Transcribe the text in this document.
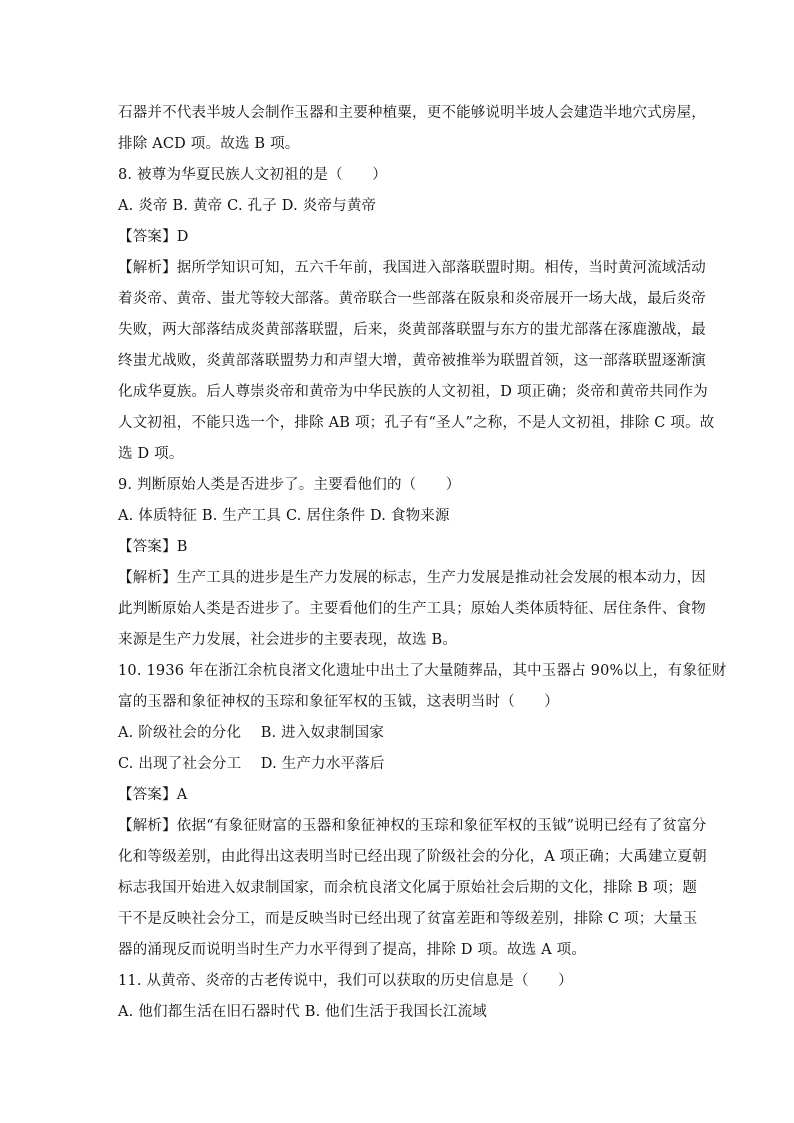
石器并不代表半坡人会制作玉器和主要种植粟，更不能够说明半坡人会建造半地穴式房屋，
排除 ACD 项。故选 B 项。
8. 被尊为华夏民族人文初祖的是（　　）
A. 炎帝 B. 黄帝 C. 孔子 D. 炎帝与黄帝
【答案】D
【解析】据所学知识可知，五六千年前，我国进入部落联盟时期。相传，当时黄河流域活动
着炎帝、黄帝、蚩尤等较大部落。黄帝联合一些部落在阪泉和炎帝展开一场大战，最后炎帝
失败，两大部落结成炎黄部落联盟，后来，炎黄部落联盟与东方的蚩尤部落在涿鹿激战，最
终蚩尤战败，炎黄部落联盟势力和声望大增，黄帝被推举为联盟首领，这一部落联盟逐渐演
化成华夏族。后人尊崇炎帝和黄帝为中华民族的人文初祖，D 项正确；炎帝和黄帝共同作为
人文初祖，不能只选一个，排除 AB 项；孔子有“圣人”之称，不是人文初祖，排除 C 项。故
选 D 项。
9. 判断原始人类是否进步了。主要看他们的（　　）
A. 体质特征 B. 生产工具 C. 居住条件 D. 食物来源
【答案】B
【解析】生产工具的进步是生产力发展的标志，生产力发展是推动社会发展的根本动力，因
此判断原始人类是否进步了。主要看他们的生产工具；原始人类体质特征、居住条件、食物
来源是生产力发展，社会进步的主要表现，故选 B。
10. 1936 年在浙江余杭良渚文化遗址中出土了大量随葬品，其中玉器占 90%以上，有象征财
富的玉器和象征神权的玉琮和象征军权的玉钺，这表明当时（　　）
A. 阶级社会的分化　 B. 进入奴隶制国家
C. 出现了社会分工　 D. 生产力水平落后
【答案】A
【解析】依据“有象征财富的玉器和象征神权的玉琮和象征军权的玉钺”说明已经有了贫富分
化和等级差别，由此得出这表明当时已经出现了阶级社会的分化，A 项正确；大禹建立夏朝
标志我国开始进入奴隶制国家，而余杭良渚文化属于原始社会后期的文化，排除 B 项；题
干不是反映社会分工，而是反映当时已经出现了贫富差距和等级差别，排除 C 项；大量玉
器的涌现反而说明当时生产力水平得到了提高，排除 D 项。故选 A 项。
11. 从黄帝、炎帝的古老传说中，我们可以获取的历史信息是（　　）
A. 他们都生活在旧石器时代 B. 他们生活于我国长江流域
